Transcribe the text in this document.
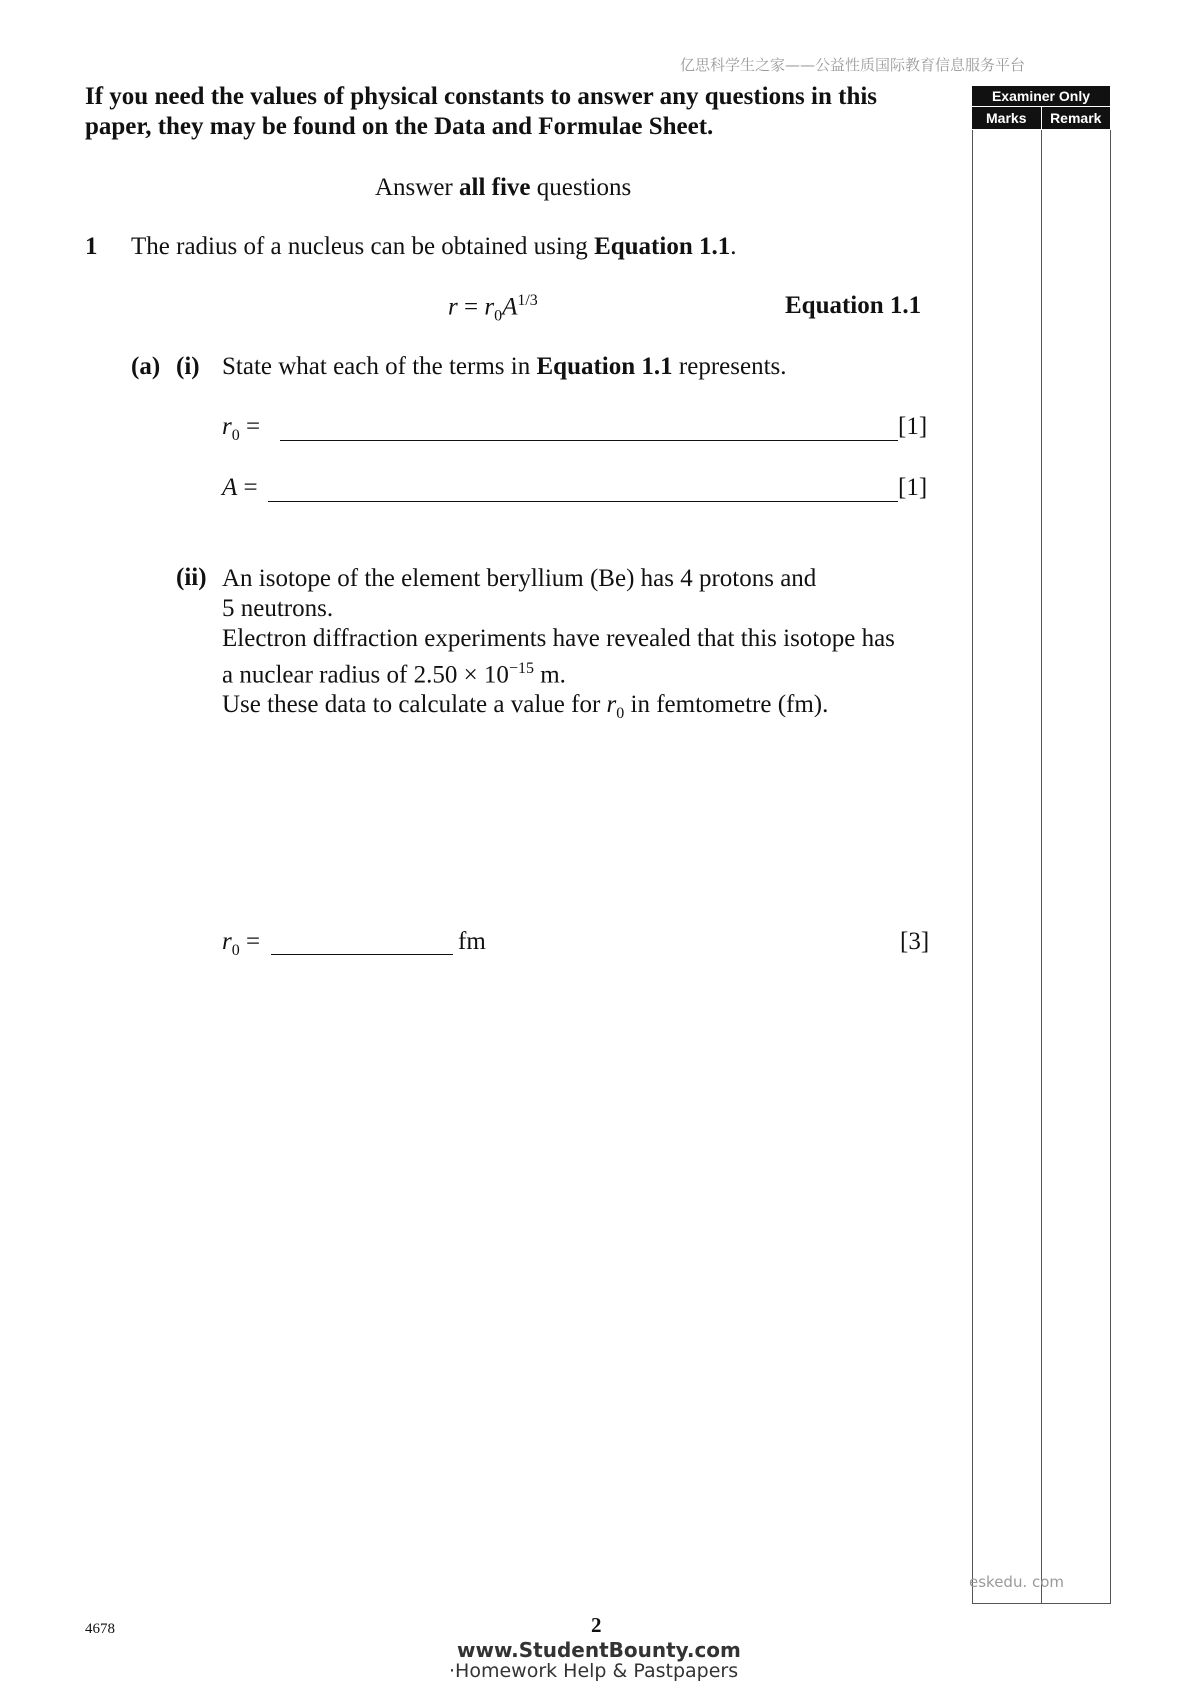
亿思科学生之家——公益性质国际教育信息服务平台
If you need the values of physical constants to answer any questions in this
paper, they may be found on the Data and Formulae Sheet.
Answer all five questions
1 The radius of a nucleus can be obtained using Equation 1.1.
$r = r_0A^{1/3}$	Equation 1.1
(a) (i) State what each of the terms in Equation 1.1 represents.
$r_0$ =	[1]
A =	[1]
(ii) An isotope of the element beryllium (Be) has 4 protons and
5 neutrons.
Electron diffraction experiments have revealed that this isotope has
a nuclear radius of $2.50 \times 10^{-15}$ m.
Use these data to calculate a value for $r_0$ in femtometre (fm).
$r_0$ =	fm	[3]
Examiner Only
Marks	Remark
eskedu. com
4678	2
www.StudentBounty.com
·Homework Help & Pastpapers
